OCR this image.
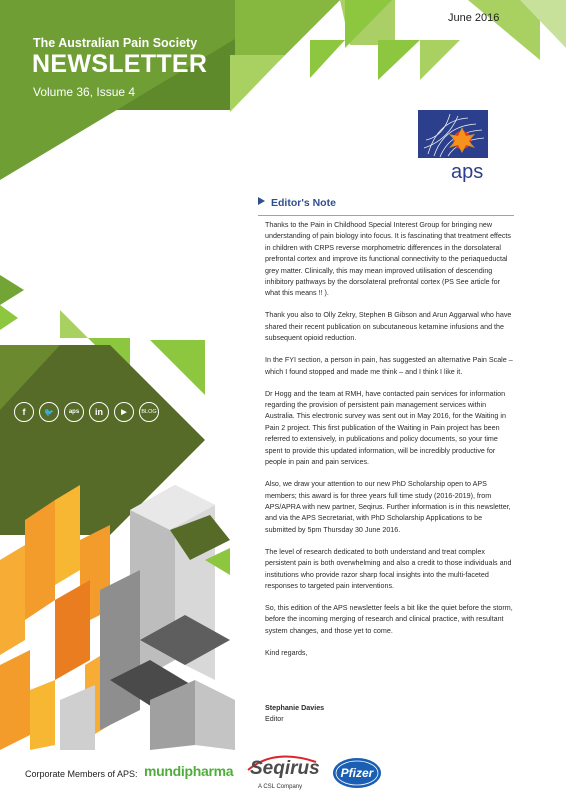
June 2016
The Australian Pain Society
NEWSLETTER
Volume 36, Issue 4
aps
Editor's Note

Thanks to the Pain in Childhood Special Interest Group for bringing new understanding of pain biology into focus. It is fascinating that treatment effects in children with CRPS reverse morphometric differences in the dorsolateral prefrontal cortex and improve its functional connectivity to the periaqueductal grey matter. Clinically, this may mean improved utilisation of descending inhibitory pathways by the dorsolateral prefrontal cortex (PS See article for what this means !! ).

Thank you also to Olly Zekry, Stephen B Gibson and Arun Aggarwal who have shared their recent publication on subcutaneous ketamine infusions and the subsequent opioid reduction.

In the FYI section, a person in pain, has suggested an alternative Pain Scale – which I found stopped and made me think – and I think I like it.

Dr Hogg and the team at RMH, have contacted pain services for information regarding the provision of persistent pain management services within Australia. This electronic survey was sent out in May 2016, for the Waiting in Pain 2 project. This first publication of the Waiting in Pain project has been referred to extensively, in publications and policy documents, so your time spent to provide this updated information, will be incredibly productive for people in pain and pain services.

Also, we draw your attention to our new PhD Scholarship open to APS members; this award is for three years full time study (2016-2019), from APS/APRA with new partner, Seqirus. Further information is in this newsletter, and via the APS Secretariat, with PhD Scholarship Applications to be submitted by 5pm Thursday 30 June 2016.

The level of research dedicated to both understand and treat complex persistent pain is both overwhelming and also a credit to those individuals and institutions who provide razor sharp focal insights into the multi-faceted responses to targeted pain interventions.

So, this edition of the APS newsletter feels a bit like the quiet before the storm, before the incoming merging of research and clinical practice, with resultant system changes, and those yet to come.

Kind regards,

Stephanie Davies
Editor
f	🐦	aps	in	▶	BLOG
Corporate Members of APS: mundipharma Seqirus
A CSL Company
Pfizer
